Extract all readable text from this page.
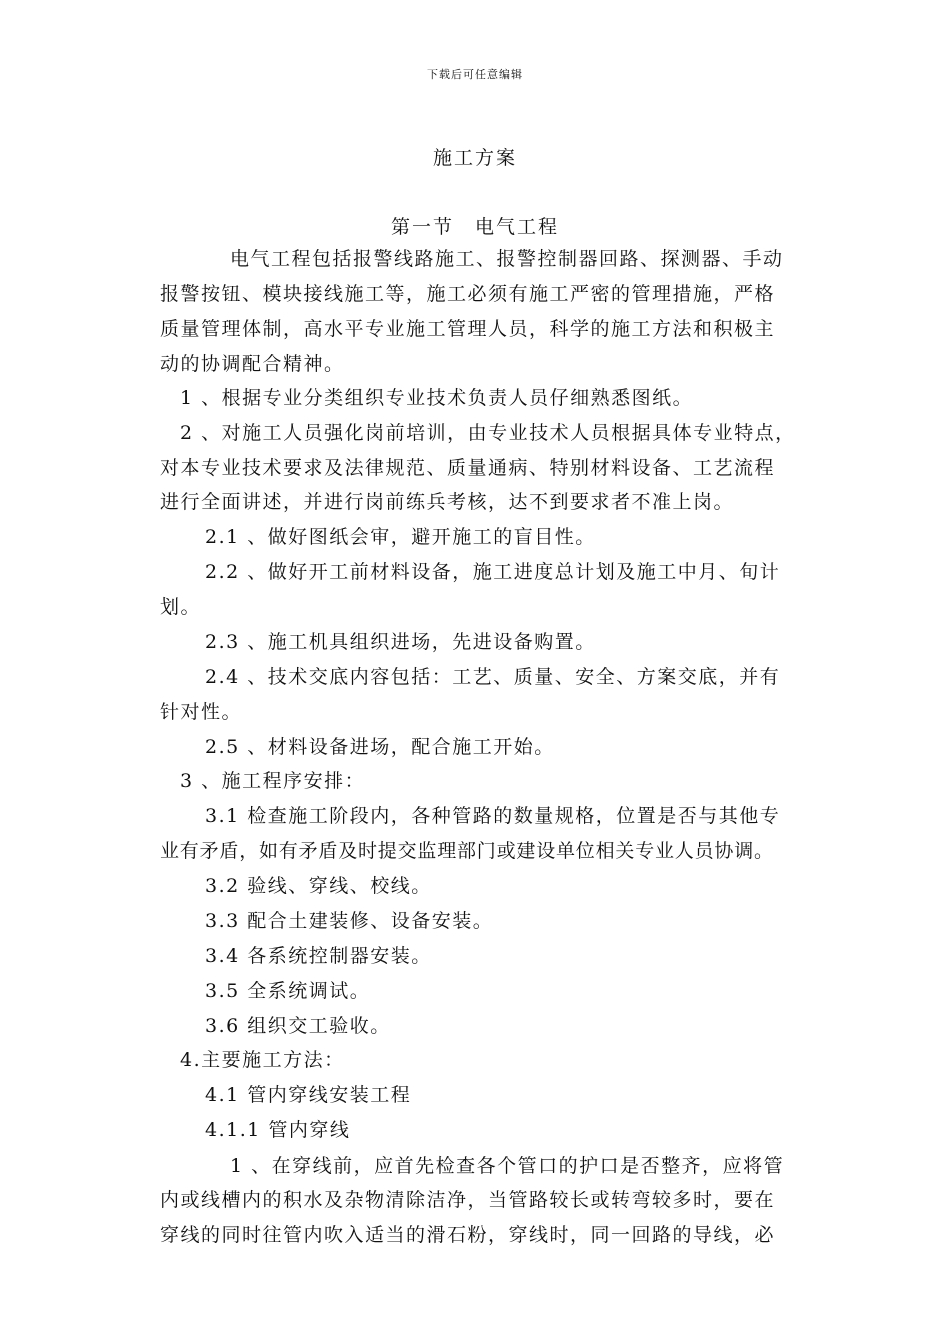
下载后可任意编辑
施工方案
第一节　电气工程
电气工程包括报警线路施工、报警控制器回路、探测器、手动
报警按钮、模块接线施工等，施工必须有施工严密的管理措施，严格
质量管理体制，高水平专业施工管理人员，科学的施工方法和积极主
动的协调配合精神。
1 、根据专业分类组织专业技术负责人员仔细熟悉图纸。
2 、对施工人员强化岗前培训，由专业技术人员根据具体专业特点，
对本专业技术要求及法律规范、质量通病、特别材料设备、工艺流程
进行全面讲述，并进行岗前练兵考核，达不到要求者不准上岗。
2.1 、做好图纸会审，避开施工的盲目性。
2.2 、做好开工前材料设备，施工进度总计划及施工中月、旬计
划。
2.3 、施工机具组织进场，先进设备购置。
2.4 、技术交底内容包括：工艺、质量、安全、方案交底，并有
针对性。
2.5 、材料设备进场，配合施工开始。
3 、施工程序安排：
3.1 检查施工阶段内，各种管路的数量规格，位置是否与其他专
业有矛盾，如有矛盾及时提交监理部门或建设单位相关专业人员协调。
3.2 验线、穿线、校线。
3.3 配合土建装修、设备安装。
3.4 各系统控制器安装。
3.5 全系统调试。
3.6 组织交工验收。
4.主要施工方法：
4.1 管内穿线安装工程
4.1.1 管内穿线
1 、在穿线前，应首先检查各个管口的护口是否整齐，应将管
内或线槽内的积水及杂物清除洁净，当管路较长或转弯较多时，要在
穿线的同时往管内吹入适当的滑石粉，穿线时，同一回路的导线，必
